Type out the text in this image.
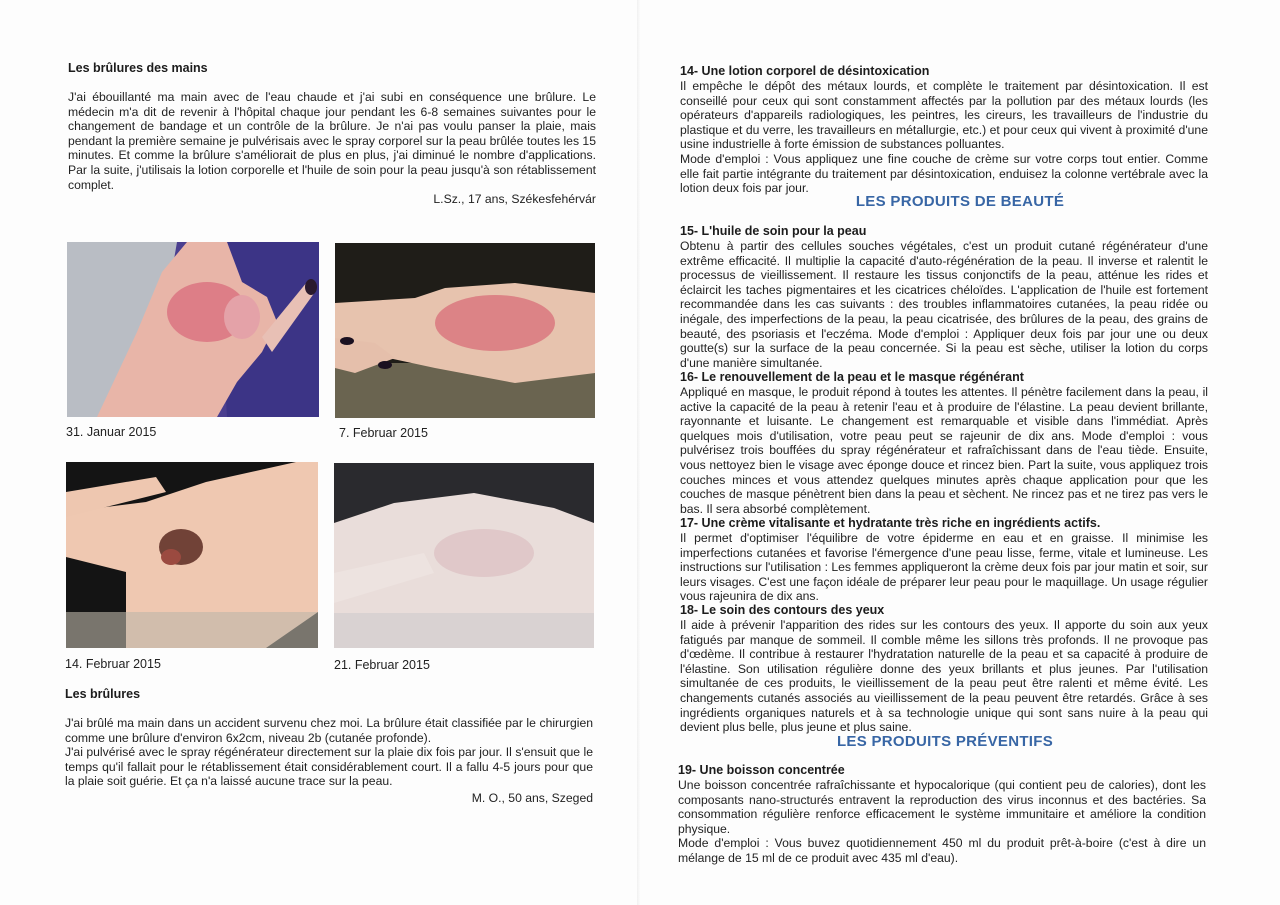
Les brûlures des mains

J'ai ébouillanté ma main avec de l'eau chaude et j'ai subi en conséquence une brûlure. Le médecin m'a dit de revenir à l'hôpital chaque jour pendant les 6-8 semaines suivantes pour le changement de bandage et un contrôle de la brûlure. Je n'ai pas voulu panser la plaie, mais pendant la première semaine je pulvérisais avec le spray corporel sur la peau brûlée toutes les 15 minutes. Et comme la brûlure s'améliorait de plus en plus, j'ai diminué le nombre d'applications. Par la suite, j'utilisais la lotion corporelle et l'huile de soin pour la peau jusqu'à son rétablissement complet.

L.Sz., 17 ans, Székesfehérvár

31. Januar 2015	7. Februar 2015
14. Februar 2015	21. Februar 2015
Les brûlures

J'ai brûlé ma main dans un accident survenu chez moi. La brûlure était classifiée par le chirurgien comme une brûlure d'environ 6x2cm, niveau 2b (cutanée profonde).

J'ai pulvérisé avec le spray régénérateur directement sur la plaie dix fois par jour. Il s'ensuit que le temps qu'il fallait pour le rétablissement était considérablement court. Il a fallu 4-5 jours pour que la plaie soit guérie. Et ça n'a laissé aucune trace sur la peau.

M. O., 50 ans, Szeged

14- Une lotion corporel de désintoxication

Il empêche le dépôt des métaux lourds, et complète le traitement par désintoxication. Il est conseillé pour ceux qui sont constamment affectés par la pollution par des métaux lourds (les opérateurs d'appareils radiologiques, les peintres, les cireurs, les travailleurs de l'industrie du plastique et du verre, les travailleurs en métallurgie, etc.) et pour ceux qui vivent à proximité d'une usine industrielle à forte émission de substances polluantes.

Mode d'emploi : Vous appliquez une fine couche de crème sur votre corps tout entier. Comme elle fait partie intégrante du traitement par désintoxication, enduisez la colonne vertébrale avec la lotion deux fois par jour.

LES PRODUITS DE BEAUTÉ
15- L'huile de soin pour la peau

Obtenu à partir des cellules souches végétales, c'est un produit cutané régénérateur d'une extrême efficacité. Il multiplie la capacité d'auto-régénération de la peau. Il inverse et ralentit le processus de vieillissement. Il restaure les tissus conjonctifs de la peau, atténue les rides et éclaircit les taches pigmentaires et les cicatrices chéloïdes. L'application de l'huile est fortement recommandée dans les cas suivants : des troubles inflammatoires cutanées, la peau ridée ou inégale, des imperfections de la peau, la peau cicatrisée, des brûlures de la peau, des grains de beauté, des psoriasis et l'eczéma. Mode d'emploi : Appliquer deux fois par jour une ou deux goutte(s) sur la surface de la peau concernée. Si la peau est sèche, utiliser la lotion du corps d'une manière simultanée.

16- Le renouvellement de la peau et le masque régénérant

Appliqué en masque, le produit répond à toutes les attentes. Il pénètre facilement dans la peau, il active la capacité de la peau à retenir l'eau et à produire de l'élastine. La peau devient brillante, rayonnante et luisante. Le changement est remarquable et visible dans l'immédiat. Après quelques mois d'utilisation, votre peau peut se rajeunir de dix ans. Mode d'emploi : vous pulvérisez trois bouffées du spray régénérateur et rafraîchissant dans de l'eau tiède. Ensuite, vous nettoyez bien le visage avec éponge douce et rincez bien. Part la suite, vous appliquez trois couches minces et vous attendez quelques minutes après chaque application pour que les couches de masque pénètrent bien dans la peau et sèchent. Ne rincez pas et ne tirez pas vers le bas. Il sera absorbé complètement.

17- Une crème vitalisante et hydratante très riche en ingrédients actifs.

Il permet d'optimiser l'équilibre de votre épiderme en eau et en graisse. Il minimise les imperfections cutanées et favorise l'émergence d'une peau lisse, ferme, vitale et lumineuse. Les instructions sur l'utilisation : Les femmes appliqueront la crème deux fois par jour matin et soir, sur leurs visages. C'est une façon idéale de préparer leur peau pour le maquillage. Un usage régulier vous rajeunira de dix ans.

18- Le soin des contours des yeux

Il aide à prévenir l'apparition des rides sur les contours des yeux. Il apporte du soin aux yeux fatigués par manque de sommeil. Il comble même les sillons très profonds. Il ne provoque pas d'œdème. Il contribue à restaurer l'hydratation naturelle de la peau et sa capacité à produire de l'élastine. Son utilisation régulière donne des yeux brillants et plus jeunes. Par l'utilisation simultanée de ces produits, le vieillissement de la peau peut être ralenti et même évité. Les changements cutanés associés au vieillissement de la peau peuvent être retardés. Grâce à ses ingrédients organiques naturels et à sa technologie unique qui sont sans nuire à la peau qui devient plus belle, plus jeune et plus saine.

LES PRODUITS PRÉVENTIFS
19- Une boisson concentrée

Une boisson concentrée rafraîchissante et hypocalorique (qui contient peu de calories), dont les composants nano-structurés entravent la reproduction des virus inconnus et des bactéries. Sa consommation régulière renforce efficacement le système immunitaire et améliore la condition physique.

Mode d'emploi : Vous buvez quotidiennement 450 ml du produit prêt-à-boire (c'est à dire un mélange de 15 ml de ce produit avec 435 ml d'eau).
